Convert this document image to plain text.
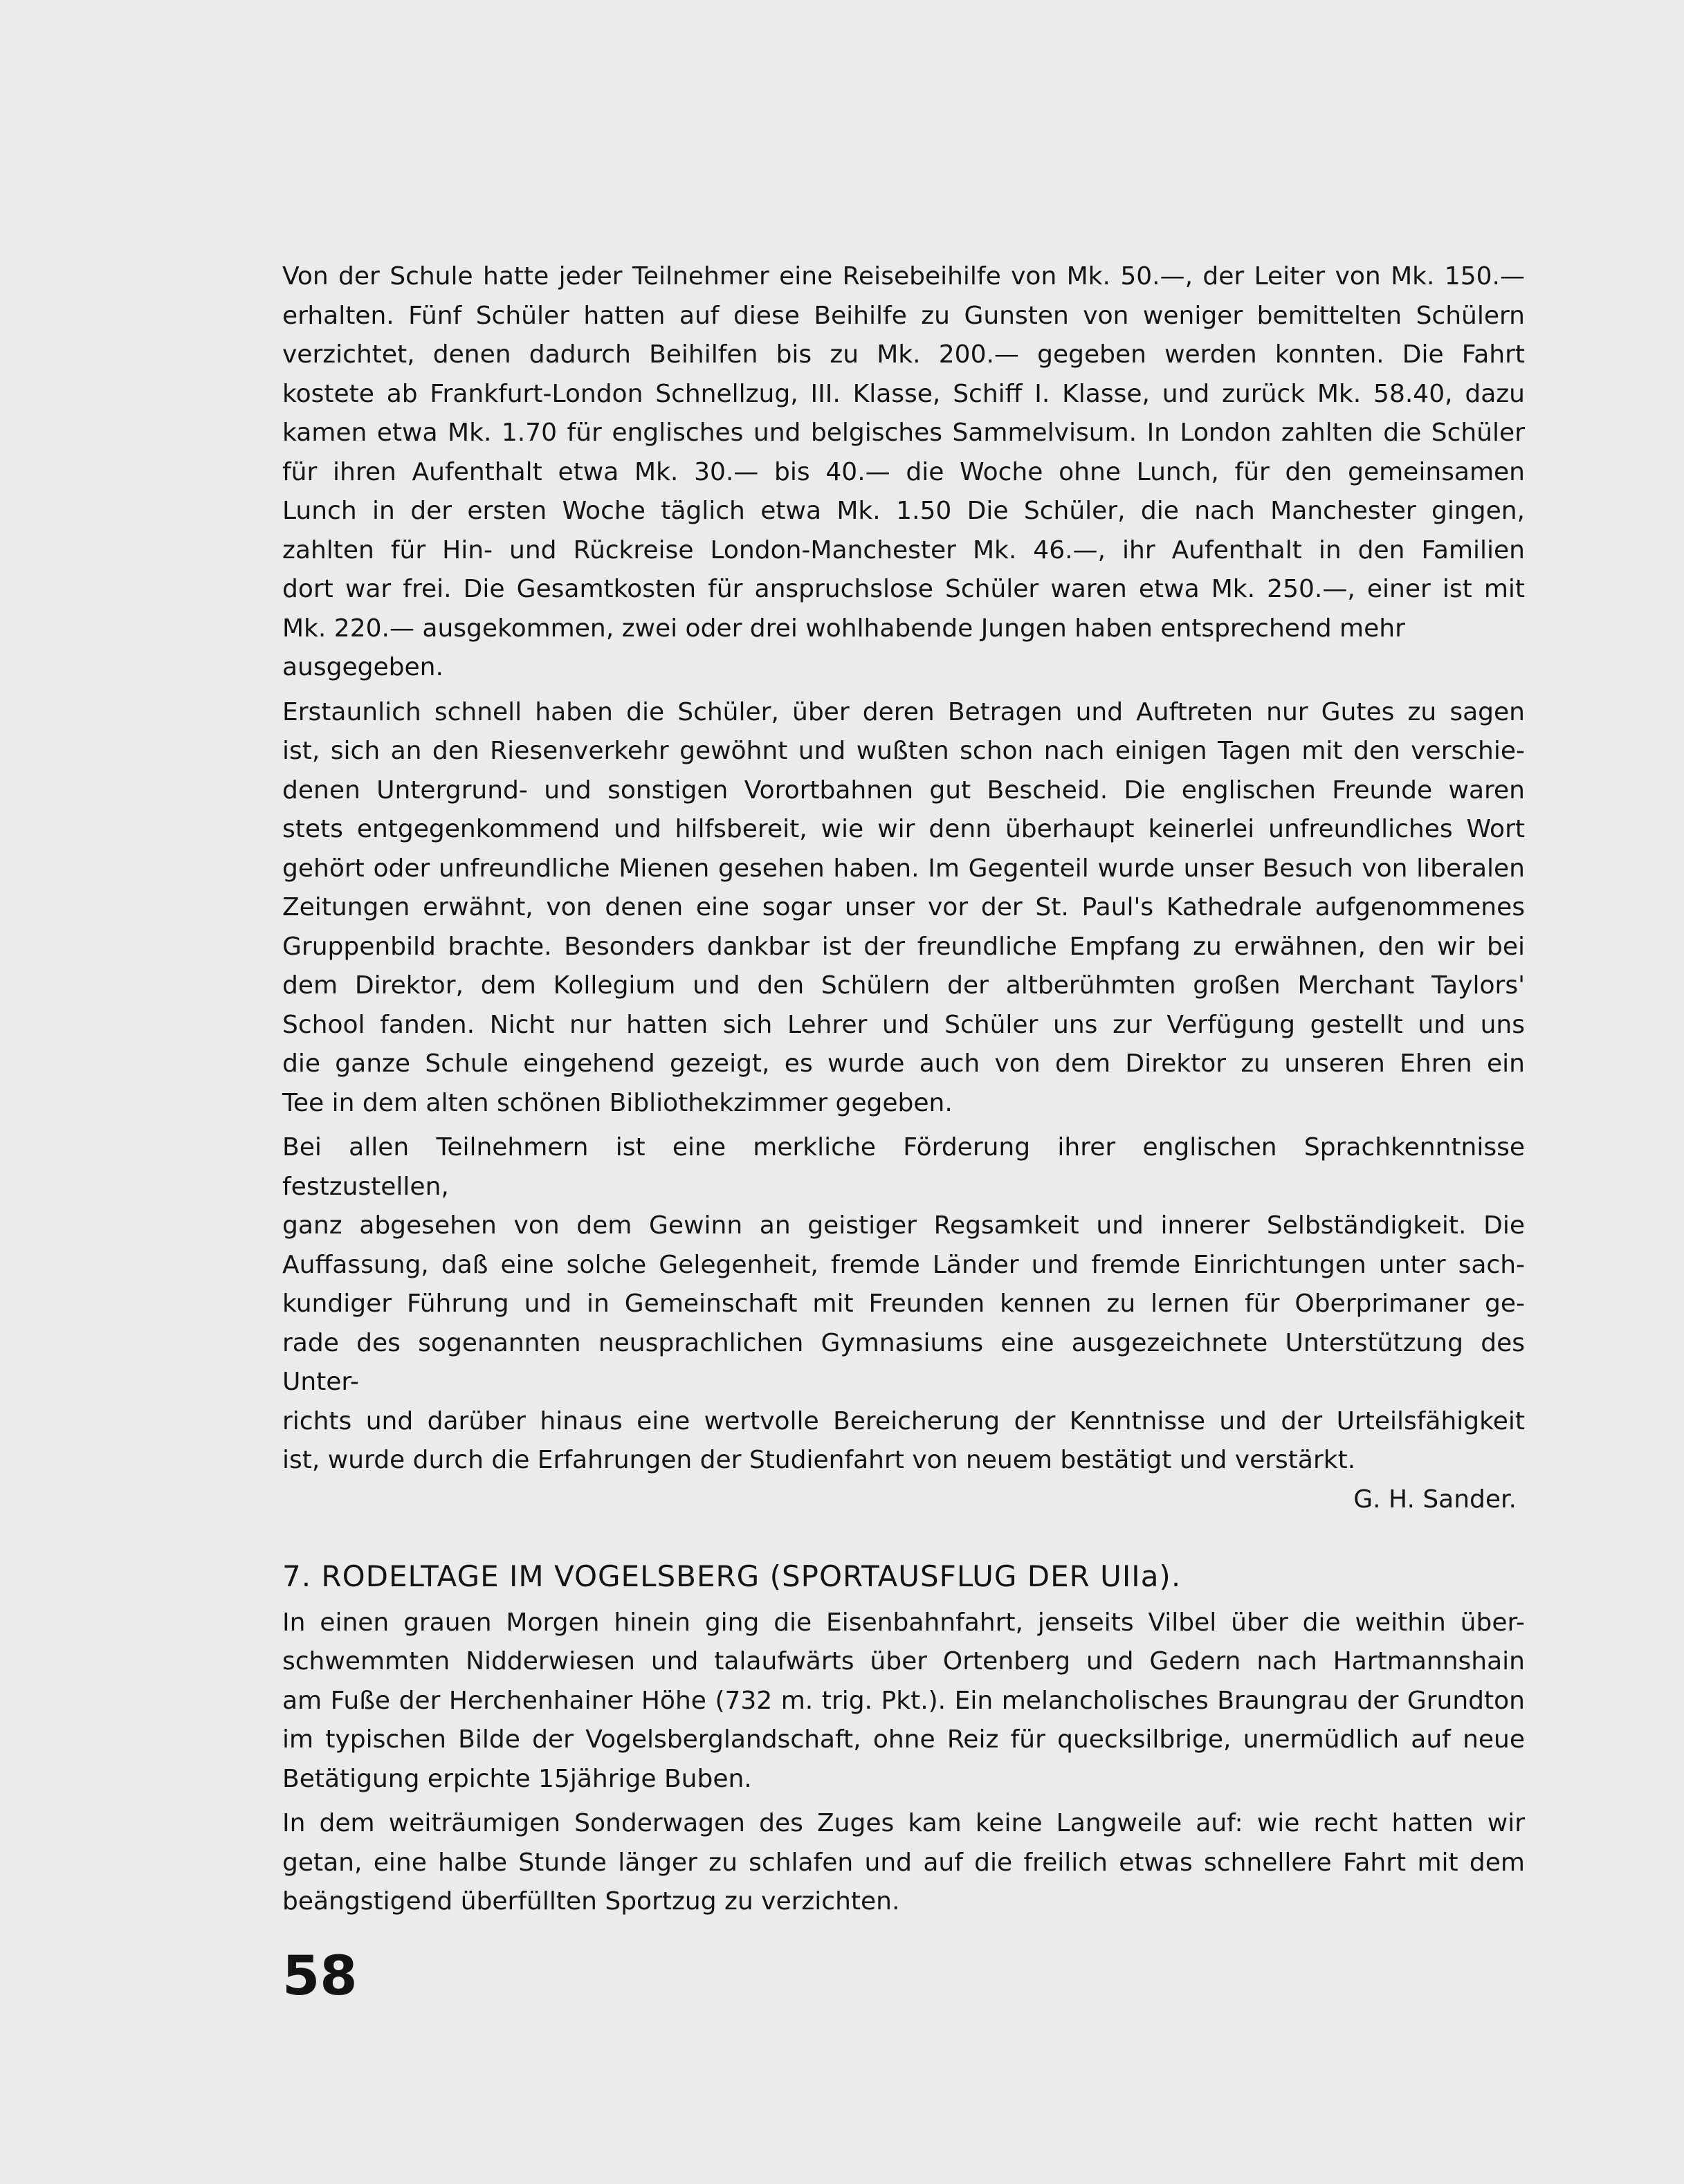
Von der Schule hatte jeder Teilnehmer eine Reisebeihilfe von Mk. 50.—, der Leiter von Mk. 150.—
erhalten. Fünf Schüler hatten auf diese Beihilfe zu Gunsten von weniger bemittelten Schülern
verzichtet, denen dadurch Beihilfen bis zu Mk. 200.— gegeben werden konnten. Die Fahrt
kostete ab Frankfurt-London Schnellzug, III. Klasse, Schiff I. Klasse, und zurück Mk. 58.40, dazu
kamen etwa Mk. 1.70 für englisches und belgisches Sammelvisum. In London zahlten die Schüler
für ihren Aufenthalt etwa Mk. 30.— bis 40.— die Woche ohne Lunch, für den gemeinsamen
Lunch in der ersten Woche täglich etwa Mk. 1.50 Die Schüler, die nach Manchester gingen,
zahlten für Hin- und Rückreise London-Manchester Mk. 46.—, ihr Aufenthalt in den Familien
dort war frei. Die Gesamtkosten für anspruchslose Schüler waren etwa Mk. 250.—, einer ist mit
Mk. 220.— ausgekommen, zwei oder drei wohlhabende Jungen haben entsprechend mehr ausgegeben.

Erstaunlich schnell haben die Schüler, über deren Betragen und Auftreten nur Gutes zu sagen
ist, sich an den Riesenverkehr gewöhnt und wußten schon nach einigen Tagen mit den verschie-
denen Untergrund- und sonstigen Vorortbahnen gut Bescheid. Die englischen Freunde waren
stets entgegenkommend und hilfsbereit, wie wir denn überhaupt keinerlei unfreundliches Wort
gehört oder unfreundliche Mienen gesehen haben. Im Gegenteil wurde unser Besuch von liberalen
Zeitungen erwähnt, von denen eine sogar unser vor der St. Paul's Kathedrale aufgenommenes
Gruppenbild brachte. Besonders dankbar ist der freundliche Empfang zu erwähnen, den wir bei
dem Direktor, dem Kollegium und den Schülern der altberühmten großen Merchant Taylors'
School fanden. Nicht nur hatten sich Lehrer und Schüler uns zur Verfügung gestellt und uns
die ganze Schule eingehend gezeigt, es wurde auch von dem Direktor zu unseren Ehren ein
Tee in dem alten schönen Bibliothekzimmer gegeben.

Bei allen Teilnehmern ist eine merkliche Förderung ihrer englischen Sprachkenntnisse festzustellen,
ganz abgesehen von dem Gewinn an geistiger Regsamkeit und innerer Selbständigkeit. Die
Auffassung, daß eine solche Gelegenheit, fremde Länder und fremde Einrichtungen unter sach-
kundiger Führung und in Gemeinschaft mit Freunden kennen zu lernen für Oberprimaner ge-
rade des sogenannten neusprachlichen Gymnasiums eine ausgezeichnete Unterstützung des Unter-
richts und darüber hinaus eine wertvolle Bereicherung der Kenntnisse und der Urteilsfähigkeit
ist, wurde durch die Erfahrungen der Studienfahrt von neuem bestätigt und verstärkt.

G. H. Sander.

7. RODELTAGE IM VOGELSBERG (SPORTAUSFLUG DER UIIa).

In einen grauen Morgen hinein ging die Eisenbahnfahrt, jenseits Vilbel über die weithin über-
schwemmten Nidderwiesen und talaufwärts über Ortenberg und Gedern nach Hartmannshain
am Fuße der Herchenhainer Höhe (732 m. trig. Pkt.). Ein melancholisches Braungrau der Grundton
im typischen Bilde der Vogelsberglandschaft, ohne Reiz für quecksilbrige, unermüdlich auf neue
Betätigung erpichte 15jährige Buben.

In dem weiträumigen Sonderwagen des Zuges kam keine Langweile auf: wie recht hatten wir
getan, eine halbe Stunde länger zu schlafen und auf die freilich etwas schnellere Fahrt mit dem
beängstigend überfüllten Sportzug zu verzichten.

58
